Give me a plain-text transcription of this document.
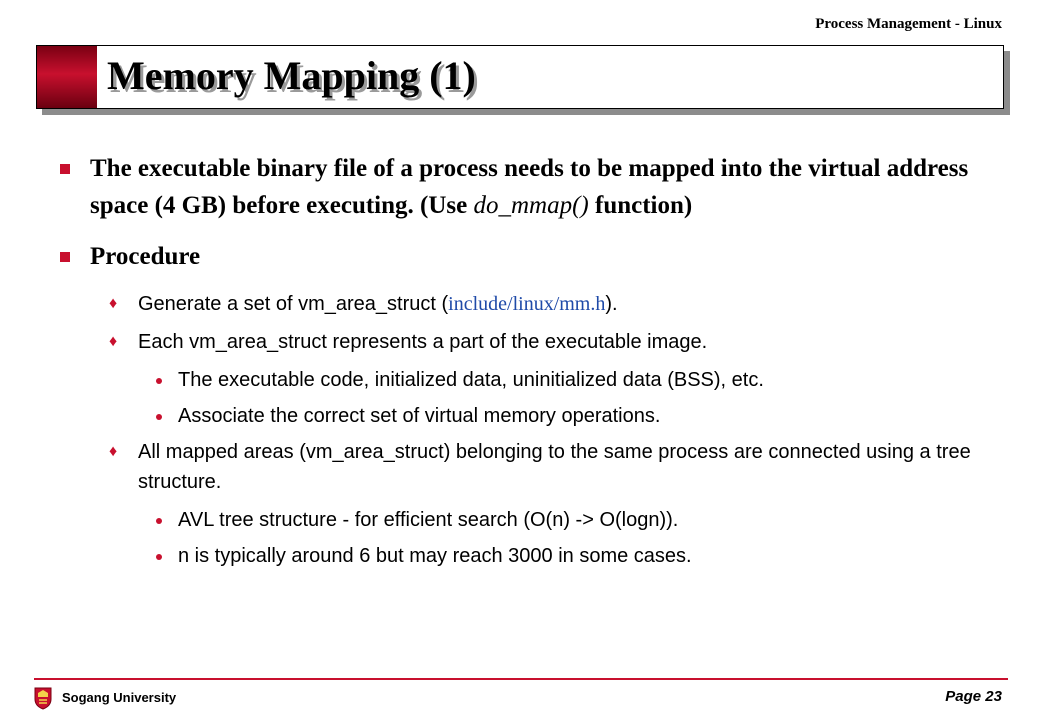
Process Management - Linux
Memory Mapping (1)
The executable binary file of a process needs to be mapped into the virtual address space (4 GB) before executing. (Use do_mmap() function)
Procedure
♦ Generate a set of vm_area_struct (include/linux/mm.h).
♦ Each vm_area_struct represents a part of the executable image.
The executable code, initialized data, uninitialized data (BSS), etc.
Associate the correct set of virtual memory operations.
♦ All mapped areas (vm_area_struct) belonging to the same process are connected using a tree structure.
AVL tree structure - for efficient search (O(n) -> O(logn)).
n is typically around 6 but may reach 3000 in some cases.
Sogang University	Page 23
